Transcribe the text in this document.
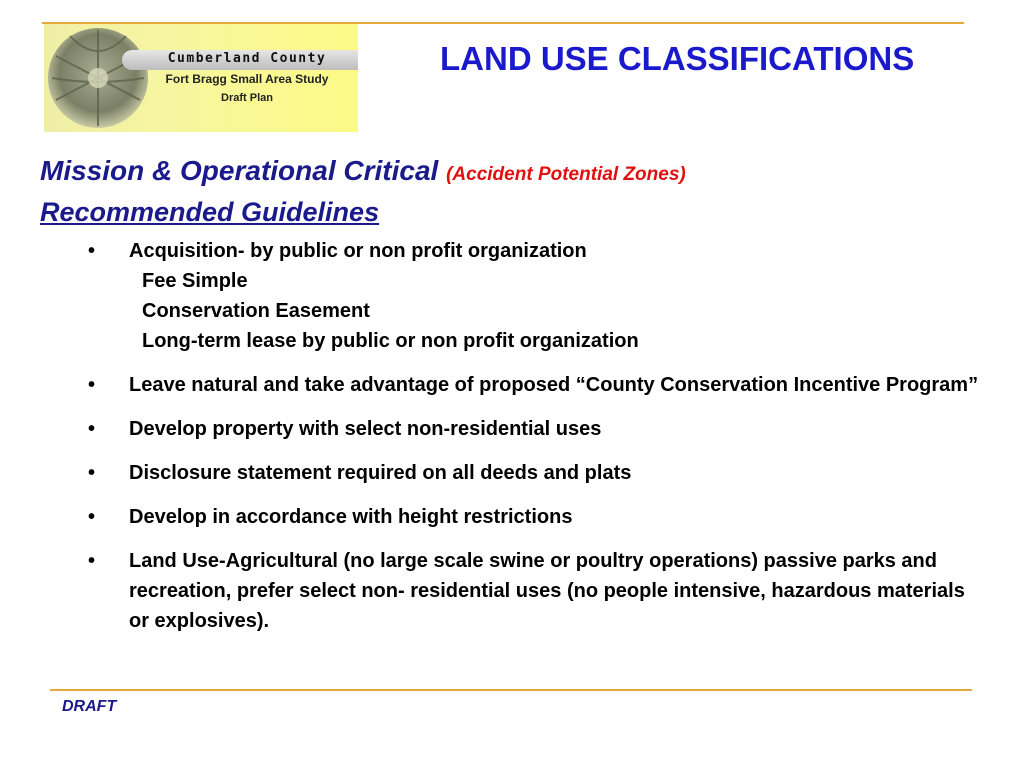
Cumberland County
Fort Bragg Small Area Study
Draft Plan
LAND USE CLASSIFICATIONS
Mission & Operational Critical (Accident Potential Zones)
Recommended Guidelines
• Acquisition- by public or non profit organization
Fee Simple
Conservation Easement
Long-term lease by public or non profit organization
• Leave natural and take advantage of proposed “County Conservation Incentive Program”
• Develop property with select non-residential uses
• Disclosure statement required on all deeds and plats
• Develop in accordance with height restrictions
• Land Use-Agricultural (no large scale swine or poultry operations) passive parks and recreation, prefer select non- residential uses (no people intensive, hazardous materials or explosives).
DRAFT
